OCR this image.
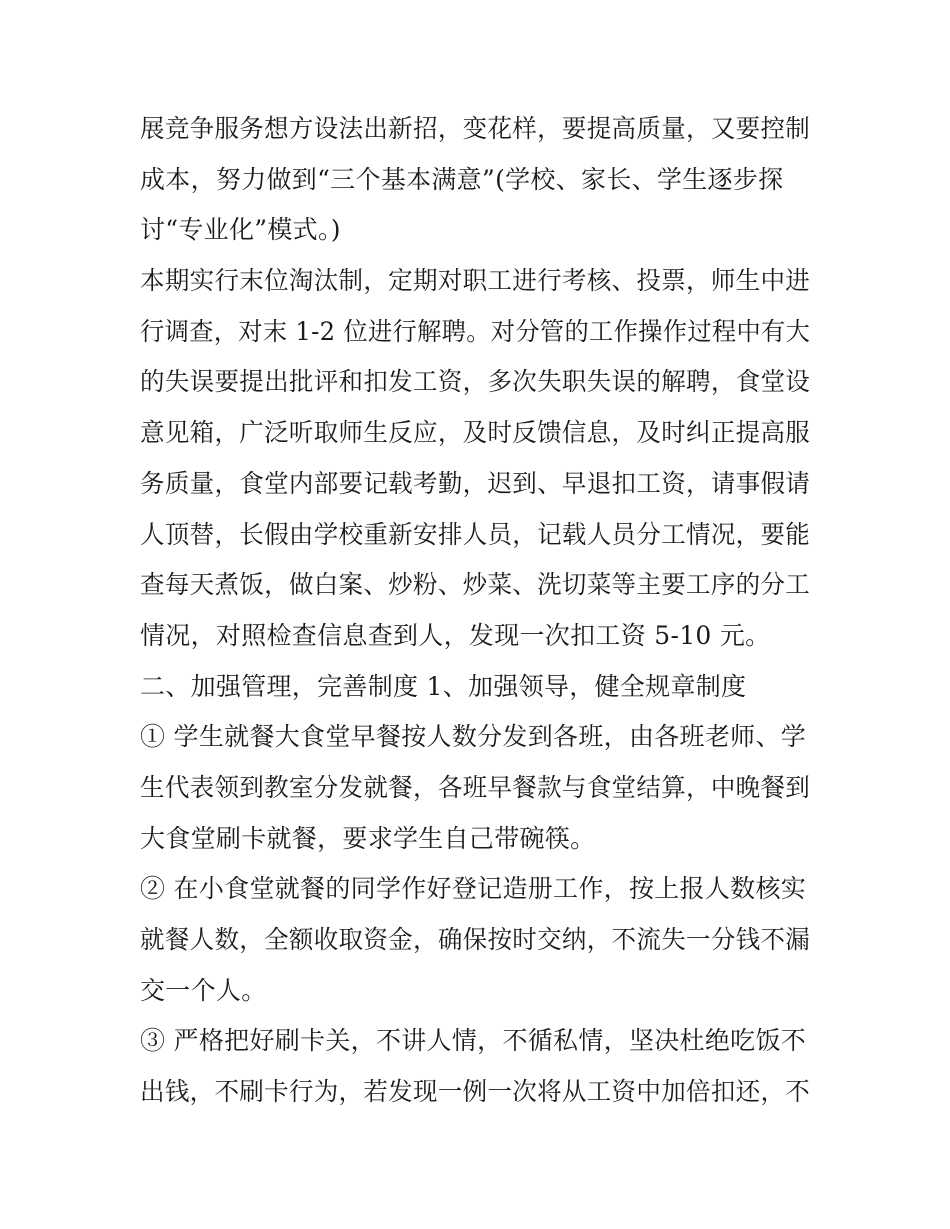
展竞争服务想方设法出新招，变花样，要提高质量，又要控制

成本，努力做到“三个基本满意”(学校、家长、学生逐步探

讨“专业化”模式。)

本期实行末位淘汰制，定期对职工进行考核、投票，师生中进

行调查，对末 1-2 位进行解聘。对分管的工作操作过程中有大

的失误要提出批评和扣发工资，多次失职失误的解聘，食堂设

意见箱，广泛听取师生反应，及时反馈信息，及时纠正提高服

务质量，食堂内部要记载考勤，迟到、早退扣工资，请事假请

人顶替，长假由学校重新安排人员，记载人员分工情况，要能

查每天煮饭，做白案、炒粉、炒菜、洗切菜等主要工序的分工

情况，对照检查信息查到人，发现一次扣工资 5-10 元。

二、加强管理，完善制度 1、加强领导，健全规章制度

① 学生就餐大食堂早餐按人数分发到各班，由各班老师、学

生代表领到教室分发就餐，各班早餐款与食堂结算，中晚餐到

大食堂刷卡就餐，要求学生自己带碗筷。

② 在小食堂就餐的同学作好登记造册工作，按上报人数核实

就餐人数，全额收取资金，确保按时交纳，不流失一分钱不漏

交一个人。

③ 严格把好刷卡关，不讲人情，不循私情，坚决杜绝吃饭不

出钱，不刷卡行为，若发现一例一次将从工资中加倍扣还，不
